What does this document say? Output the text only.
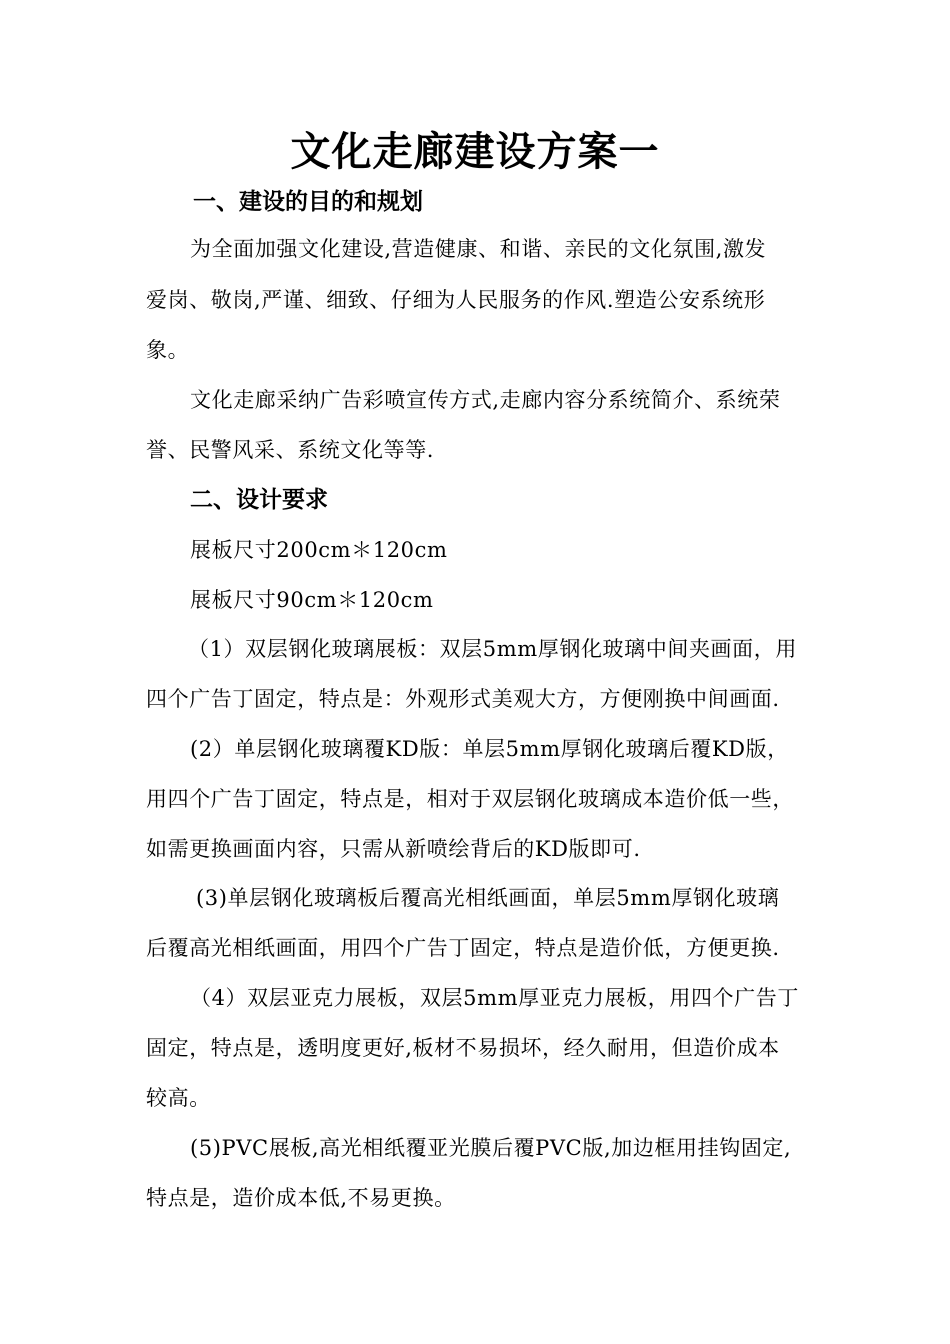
文化走廊建设方案一
一、建设的目的和规划
为全面加强文化建设,营造健康、和谐、亲民的文化氛围,激发
爱岗、敬岗,严谨、细致、仔细为人民服务的作风.塑造公安系统形
象。
文化走廊采纳广告彩喷宣传方式,走廊内容分系统简介、系统荣
誉、民警风采、系统文化等等.
二、设计要求
展板尺寸200cm＊120cm
展板尺寸90cm＊120cm
（1）双层钢化玻璃展板：双层5mm厚钢化玻璃中间夹画面，用
四个广告丁固定，特点是：外观形式美观大方，方便刚换中间画面.
(2）单层钢化玻璃覆KD版：单层5mm厚钢化玻璃后覆KD版，
用四个广告丁固定，特点是，相对于双层钢化玻璃成本造价低一些，
如需更换画面内容，只需从新喷绘背后的KD版即可.
(3)单层钢化玻璃板后覆高光相纸画面，单层5mm厚钢化玻璃
后覆高光相纸画面，用四个广告丁固定，特点是造价低，方便更换.
（4）双层亚克力展板，双层5mm厚亚克力展板，用四个广告丁
固定，特点是，透明度更好,板材不易损坏，经久耐用，但造价成本
较高。
(5)PVC展板,高光相纸覆亚光膜后覆PVC版,加边框用挂钩固定,
特点是，造价成本低,不易更换。
